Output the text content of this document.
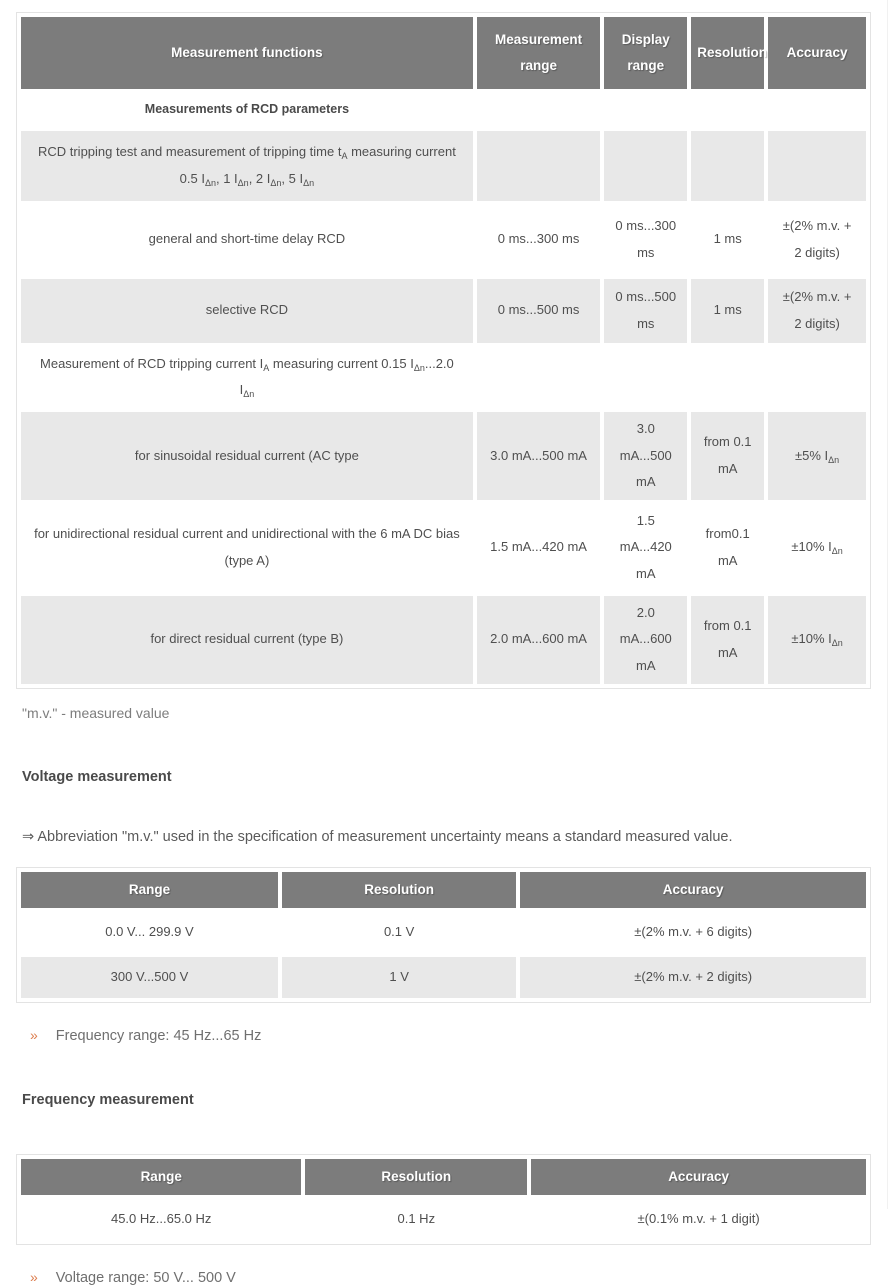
Measurement functions	Measurement range	Display range	Resolution	Accuracy
Measurements of RCD parameters				
RCD tripping test and measurement of tripping time $t_A$ measuring current 0.5 $I_{\Delta n}$, 1 $I_{\Delta n}$, 2 $I_{\Delta n}$, 5 $I_{\Delta n}$				
general and short-time delay RCD	0 ms...300 ms	0 ms...300 ms	1 ms	±(2% m.v. + 2 digits)
selective RCD	0 ms...500 ms	0 ms...500 ms	1 ms	±(2% m.v. + 2 digits)
Measurement of RCD tripping current $I_A$ measuring current 0.15 $I_{\Delta n}...2.0$ $I_{\Delta n}$				
for sinusoidal residual current (AC type	3.0 mA...500 mA	3.0 mA...500 mA	from 0.1 mA	±5% $I_{\Delta n}$
for unidirectional residual current and unidirectional with the 6 mA DC bias (type A)	1.5 mA...420 mA	1.5 mA...420 mA	from0.1 mA	±10% $I_{\Delta n}$
for direct residual current (type B)	2.0 mA...600 mA	2.0 mA...600 mA	from 0.1 mA	±10% $I_{\Delta n}$
"m.v." - measured value
Voltage measurement

⇒ Abbreviation "m.v." used in the specification of measurement uncertainty means a standard measured value.

Range	Resolution	Accuracy
0.0 V... 299.9 V	0.1 V	±(2% m.v. + 6 digits)
300 V...500 V	1 V	±(2% m.v. + 2 digits)
» Frequency range: 45 Hz...65 Hz
Frequency measurement
Range	Resolution	Accuracy
45.0 Hz...65.0 Hz	0.1 Hz	±(0.1% m.v. + 1 digit)
» Voltage range: 50 V... 500 V
